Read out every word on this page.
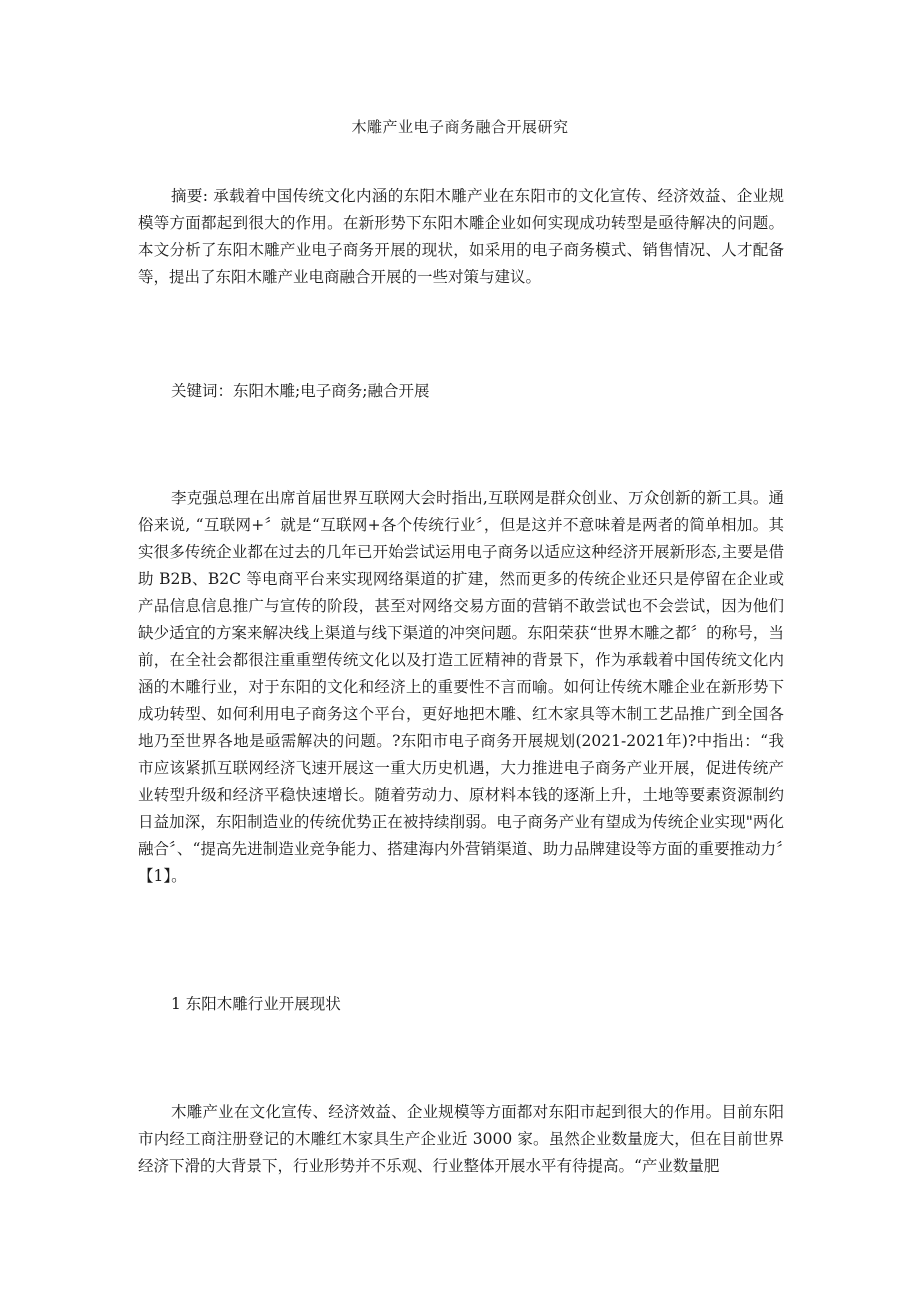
木雕产业电子商务融合开展研究

摘要: 承载着中国传统文化内涵的东阳木雕产业在东阳市的文化宣传、经济效益、企业规模等方面都起到很大的作用。在新形势下东阳木雕企业如何实现成功转型是亟待解决的问题。本文分析了东阳木雕产业电子商务开展的现状，如采用的电子商务模式、销售情况、人才配备等，提出了东阳木雕产业电商融合开展的一些对策与建议。

关键词：东阳木雕;电子商务;融合开展

李克强总理在出席首届世界互联网大会时指出,互联网是群众创业、万众创新的新工具。通俗来说, “互联网+〞就是“互联网+各个传统行业〞，但是这并不意味着是两者的简单相加。其实很多传统企业都在过去的几年已开始尝试运用电子商务以适应这种经济开展新形态,主要是借助 B2B、B2C 等电商平台来实现网络渠道的扩建，然而更多的传统企业还只是停留在企业或产品信息信息推广与宣传的阶段，甚至对网络交易方面的营销不敢尝试也不会尝试，因为他们缺少适宜的方案来解决线上渠道与线下渠道的冲突问题。东阳荣获“世界木雕之都〞的称号，当前，在全社会都很注重重塑传统文化以及打造工匠精神的背景下，作为承载着中国传统文化内涵的木雕行业，对于东阳的文化和经济上的重要性不言而喻。如何让传统木雕企业在新形势下成功转型、如何利用电子商务这个平台，更好地把木雕、红木家具等木制工艺品推广到全国各地乃至世界各地是亟需解决的问题。?东阳市电子商务开展规划(2021-2021年)?中指出：“我市应该紧抓互联网经济飞速开展这一重大历史机遇，大力推进电子商务产业开展，促进传统产业转型升级和经济平稳快速增长。随着劳动力、原材料本钱的逐渐上升，土地等要素资源制约日益加深，东阳制造业的传统优势正在被持续削弱。电子商务产业有望成为传统企业实现"两化融合〞、“提高先进制造业竞争能力、搭建海内外营销渠道、助力品牌建设等方面的重要推动力〞【1】。

1 东阳木雕行业开展现状

木雕产业在文化宣传、经济效益、企业规模等方面都对东阳市起到很大的作用。目前东阳市内经工商注册登记的木雕红木家具生产企业近 3000 家。虽然企业数量庞大，但在目前世界经济下滑的大背景下，行业形势并不乐观、行业整体开展水平有待提高。“产业数量肥
